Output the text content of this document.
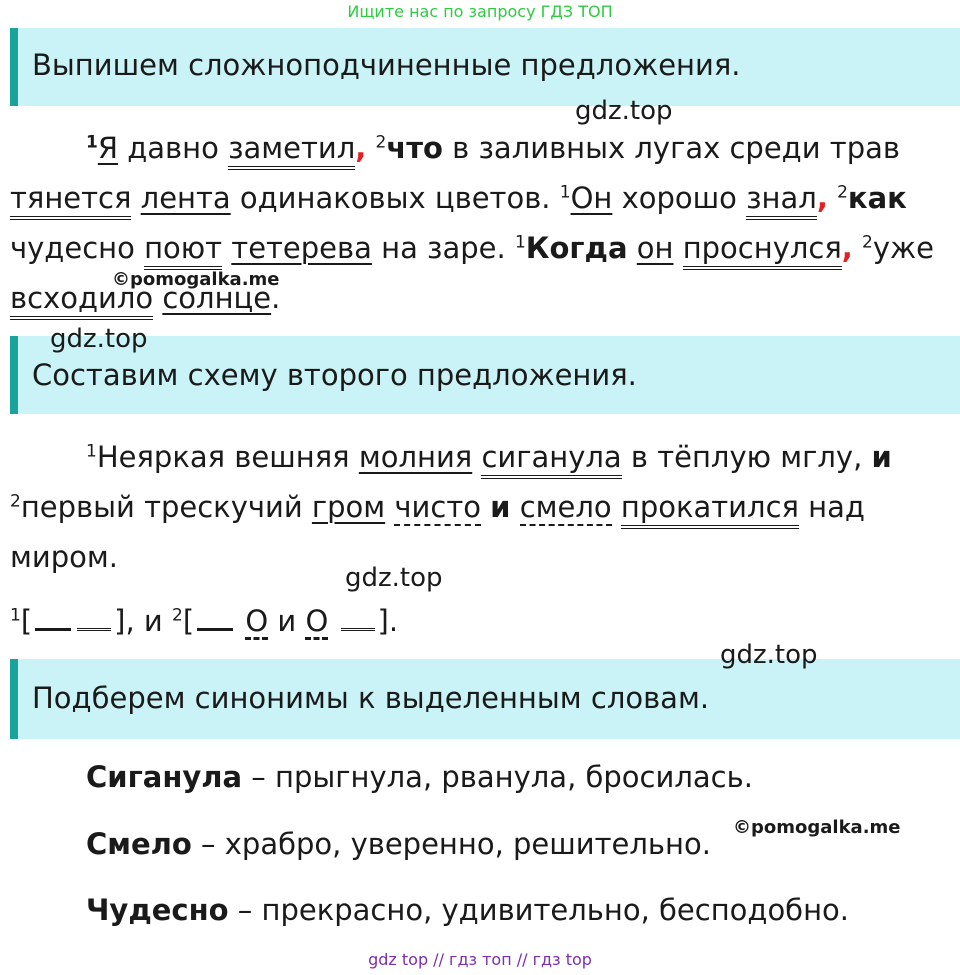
Ищите нас по запросу ГДЗ ТОП
Выпишем сложноподчиненные предложения.
gdz.top

$^1$Я давно заметил, $^2$что в заливных лугах среди трав

тянется лента одинаковых цветов. $^1$Он хорошо знал, $^2$как

чудесно поют тетерева на заре. $^1$Когда он проснулся, $^2$уже

всходило солнце.

©pomogalka.me
gdz.top
Составим схему второго предложения.

$^1$Неяркая вешняя молния сиганула в тёплую мглу, и

$^2$первый трескучий гром чисто и смело прокатился над

миром.

gdz.top
$^1$[	], и $^2$[ О и О ].
gdz.top
Подберем синонимы к выделенным словам.
Сиганула – прыгнула, рванула, бросилась.
Смело – храбро, уверенно, решительно. ©pomogalka.me
Чудесно – прекрасно, удивительно, бесподобно.
gdz top // гдз топ // гдз top
